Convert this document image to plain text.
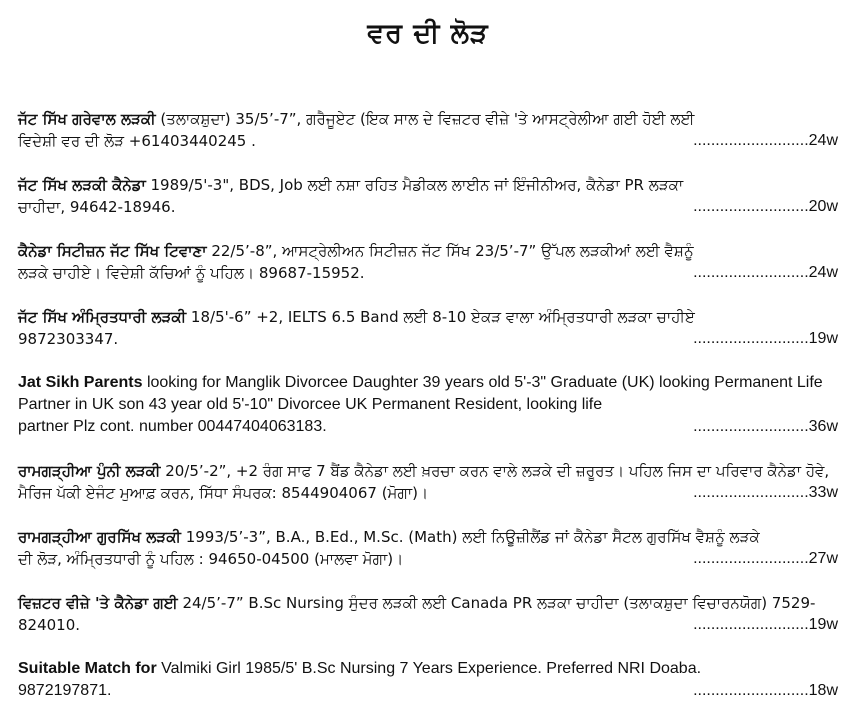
ਵਰ ਦੀ ਲੋੜ
ਜੱਟ ਸਿੱਖ ਗਰੇਵਾਲ ਲੜਕੀ (ਤਲਾਕਸ਼ੁਦਾ) 35/5’-7”, ਗਰੈਜੂਏਟ (ਇਕ ਸਾਲ ਦੇ ਵਿਜ਼ਟਰ ਵੀਜ਼ੇ 'ਤੇ ਆਸਟ੍ਰੇਲੀਆ ਗਈ ਹੋਈ ਲਈ
ਵਿਦੇਸ਼ੀ ਵਰ ਦੀ ਲੋੜ +61403440245 .	..........................24w
ਜੱਟ ਸਿੱਖ ਲੜਕੀ ਕੈਨੇਡਾ 1989/5'-3", BDS, Job ਲਈ ਨਸ਼ਾ ਰਹਿਤ ਮੈਡੀਕਲ ਲਾਈਨ ਜਾਂ ਇੰਜੀਨੀਅਰ, ਕੈਨੇਡਾ PR ਲੜਕਾ
ਚਾਹੀਦਾ, 94642-18946.	..........................20w
ਕੈਨੇਡਾ ਸਿਟੀਜ਼ਨ ਜੱਟ ਸਿੱਖ ਟਿਵਾਣਾ 22/5’-8”, ਆਸਟ੍ਰੇਲੀਅਨ ਸਿਟੀਜ਼ਨ ਜੱਟ ਸਿੱਖ 23/5’-7” ਉੱਪਲ ਲੜਕੀਆਂ ਲਈ ਵੈਸ਼ਨੂੰ
ਲੜਕੇ ਚਾਹੀਏ। ਵਿਦੇਸ਼ੀ ਕੱਚਿਆਂ ਨੂੰ ਪਹਿਲ। 89687-15952.	..........................24w
ਜੱਟ ਸਿੱਖ ਅੰਮ੍ਰਿਤਧਾਰੀ ਲੜਕੀ 18/5'-6” +2, IELTS 6.5 Band ਲਈ 8-10 ਏਕੜ ਵਾਲਾ ਅੰਮ੍ਰਿਤਧਾਰੀ ਲੜਕਾ ਚਾਹੀਏ
9872303347.	..........................19w
Jat Sikh Parents looking for Manglik Divorcee Daughter 39 years old 5'-3" Graduate (UK) looking Permanent Life Partner in UK son 43 year old 5'-10" Divorcee UK Permanent Resident, looking life
partner Plz cont. number 00447404063183.	..........................36w
ਰਾਮਗੜ੍ਹੀਆ ਪੁੰਨੀ ਲੜਕੀ 20/5’-2”, +2 ਰੰਗ ਸਾਫ 7 ਬੈਂਡ ਕੈਨੇਡਾ ਲਈ ਖ਼ਰਚਾ ਕਰਨ ਵਾਲੇ ਲੜਕੇ ਦੀ ਜ਼ਰੂਰਤ। ਪਹਿਲ ਜਿਸ ਦਾ ਪਰਿਵਾਰ ਕੈਨੇਡਾ ਹੋਵੇ,
ਮੈਰਿਜ ਪੱਕੀ ਏਜੰਟ ਮੁਆਫ਼ ਕਰਨ, ਸਿੱਧਾ ਸੰਪਰਕ: 8544904067 (ਮੋਗਾ)।	..........................33w
ਰਾਮਗੜ੍ਹੀਆ ਗੁਰਸਿੱਖ ਲੜਕੀ 1993/5’-3”, B.A., B.Ed., M.Sc. (Math) ਲਈ ਨਿਊਜ਼ੀਲੈਂਡ ਜਾਂ ਕੈਨੇਡਾ ਸੈਟਲ ਗੁਰਸਿੱਖ ਵੈਸ਼ਨੂੰ ਲੜਕੇ
ਦੀ ਲੋੜ, ਅੰਮ੍ਰਿਤਧਾਰੀ ਨੂੰ ਪਹਿਲ : 94650-04500 (ਮਾਲਵਾ ਮੋਗਾ)।	..........................27w
ਵਿਜ਼ਟਰ ਵੀਜ਼ੇ 'ਤੇ ਕੈਨੇਡਾ ਗਈ 24/5’-7” B.Sc Nursing ਸੁੰਦਰ ਲੜਕੀ ਲਈ Canada PR ਲੜਕਾ ਚਾਹੀਦਾ (ਤਲਾਕਸ਼ੁਦਾ ਵਿਚਾਰਨਯੋਗ) 7529-
824010.	..........................19w
Suitable Match for Valmiki Girl 1985/5' B.Sc Nursing 7 Years Experience. Preferred NRI Doaba.
9872197871.	..........................18w
